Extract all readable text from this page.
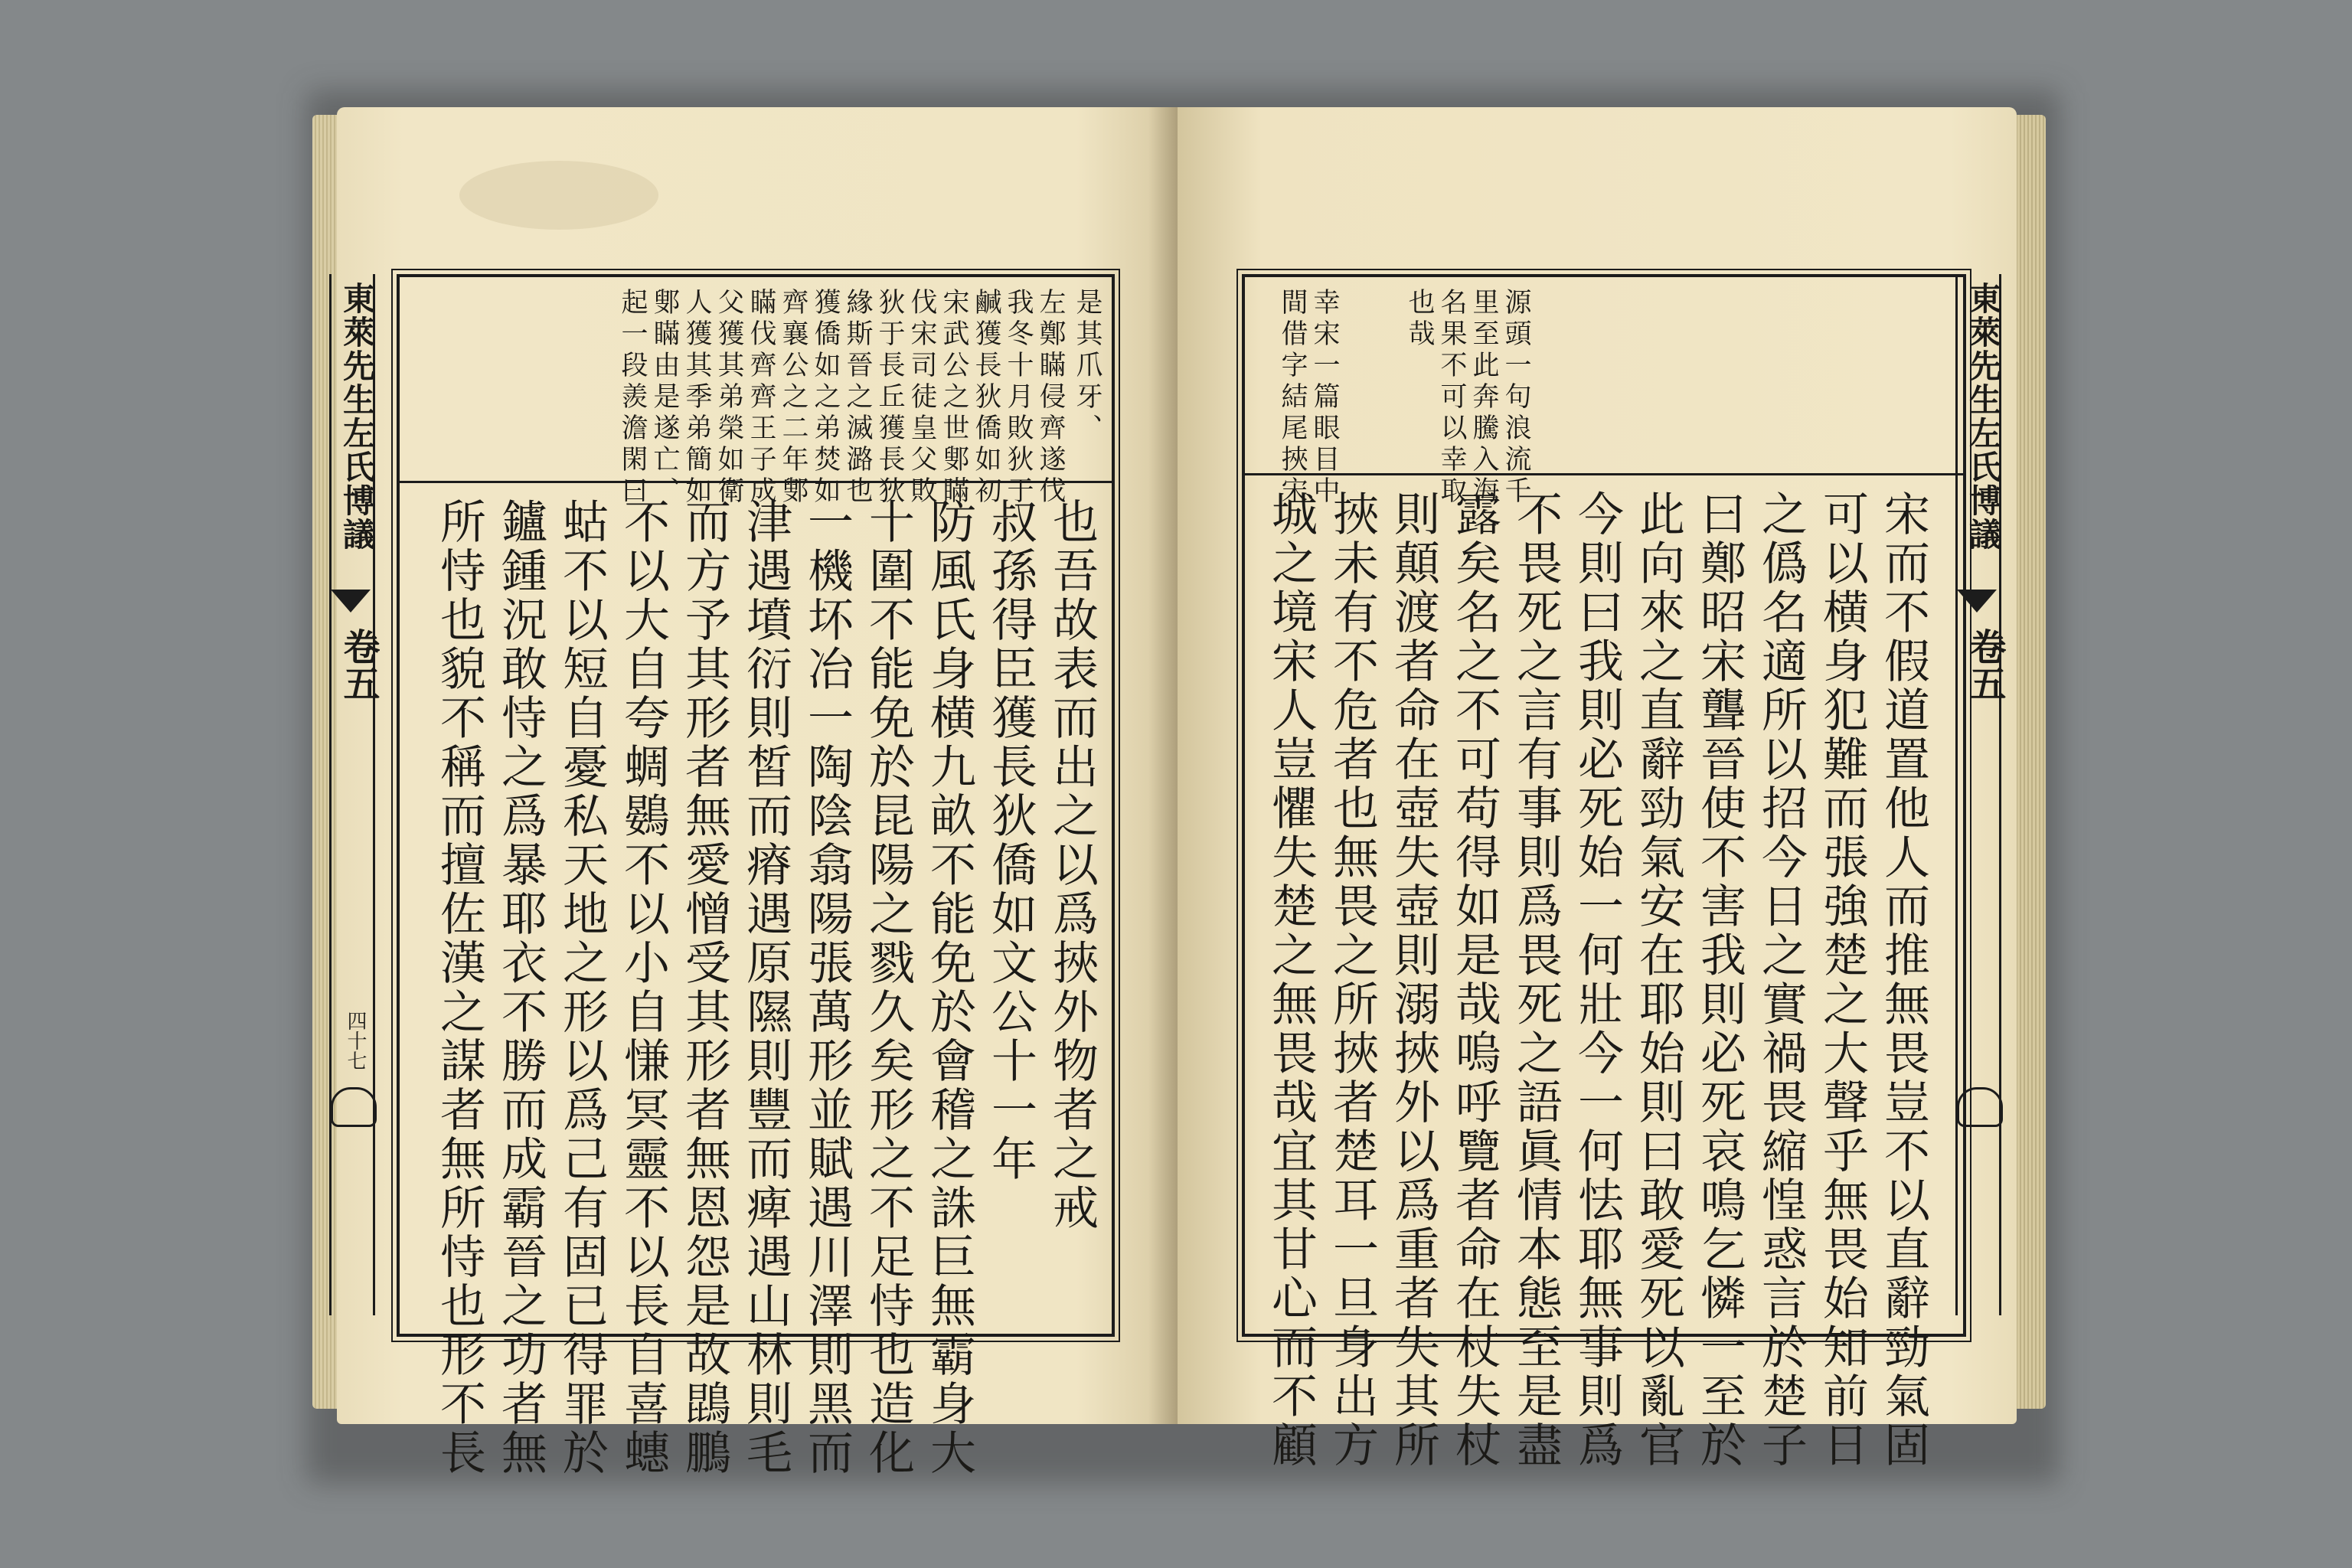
東萊先生左氏博議
卷五
四十七
是其爪牙、
左鄭瞞侵齊遂伐
我冬十月敗狄于
鹹獲長狄僑如初
宋武公之世鄋瞞
伐宋司徒皇父敗
狄于長丘獲長狄
緣斯晉之滅潞也
獲僑如之弟焚如
齊襄公之二年鄋
瞞伐齊齊王子成
父獲其弟榮如衛
人獲其季弟簡如
鄋瞞由是遂亡、
起一段羨澹閑曰
也吾故表而出之以爲挾外物者之戒
叔孫得臣獲長狄僑如文公十一年
防風氏身横九畝不能免於會稽之誅巨無霸身大
十圍不能免於昆陽之戮久矣形之不足恃也造化
一機坏冶一陶陰翕陽張萬形並賦遇川澤則黑而
津遇墳衍則皙而瘠遇原隰則豐而痺遇山林則毛
而方予其形者無愛憎受其形者無恩怨是故鵾鵬
不以大自夸蜩鷃不以小自慊冥靈不以長自喜蟪
蛄不以短自憂私天地之形以爲己有固已得罪於
鑪鍾況敢恃之爲暴耶衣不勝而成霸晉之功者無
所恃也貌不稱而擅佐漢之謀者無所恃也形不長
源頭一句浪流千
里至此奔騰入海
名果不可以幸取
也哉
幸宋一篇眼目中
間借字結尾挾宋
宋而不假道置他人而推無畏豈不以直辭勁氣固
可以横身犯難而張強楚之大聲乎無畏始知前日
之僞名適所以招今日之實禍畏縮惶惑言於楚子
曰鄭昭宋聾晉使不害我則必死哀鳴乞憐一至於
此向來之直辭勁氣安在耶始則曰敢愛死以亂官
今則曰我則必死始一何壯今一何怯耶無事則爲
不畏死之言有事則爲畏死之語眞情本態至是盡
露矣名之不可苟得如是哉嗚呼覽者命在杖失杖
則顛渡者命在壺失壺則溺挾外以爲重者失其所
挾未有不危者也無畏之所挾者楚耳一旦身出方
城之境宋人豈懼失楚之無畏哉宜其甘心而不顧
東萊先生左氏博議
卷五
